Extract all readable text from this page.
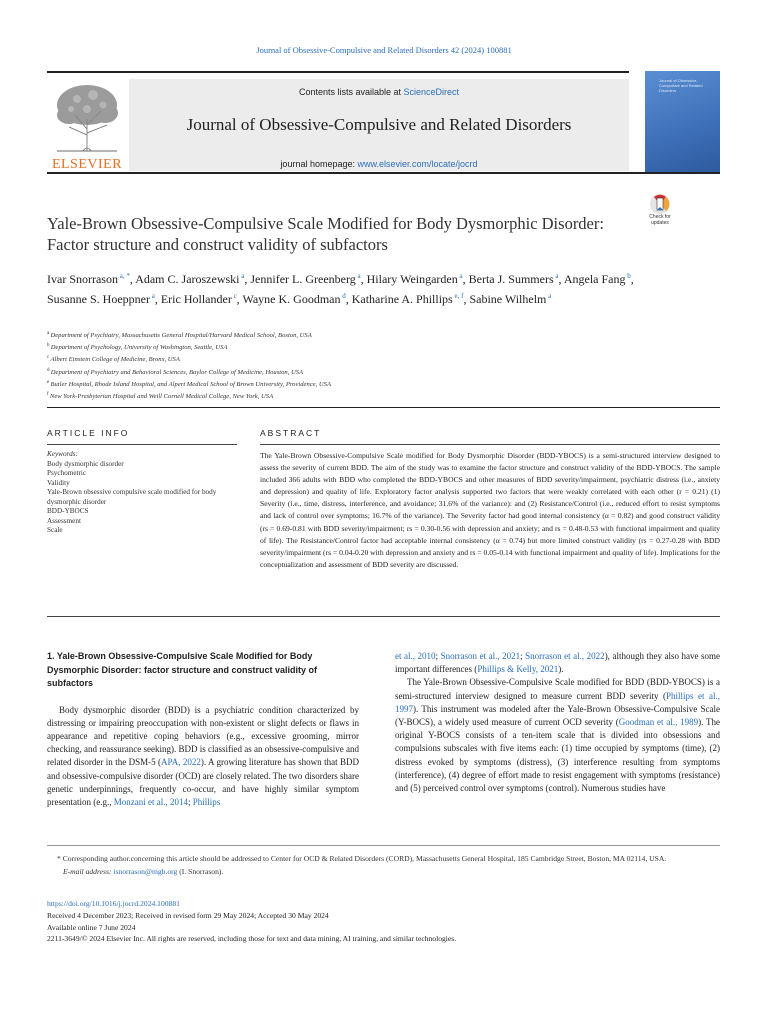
Journal of Obsessive-Compulsive and Related Disorders 42 (2024) 100881
ELSEVIER
Contents lists available at ScienceDirect
Journal of Obsessive-Compulsive and Related Disorders
journal homepage: www.elsevier.com/locate/jocrd
Journal of Obsessive-Compulsive and Related Disorders
Check for updates
Yale-Brown Obsessive-Compulsive Scale Modified for Body Dysmorphic Disorder: Factor structure and construct validity of subfactors
Ivar Snorrason $^{a, *}$, Adam C. Jaroszewski $^a$, Jennifer L. Greenberg $^a$, Hilary Weingarden $^a$, Berta J. Summers $^a$, Angela Fang $^b$, Susanne S. Hoeppner $^a$, Eric Hollander $^c$, Wayne K. Goodman $^d$, Katharine A. Phillips $^{e, f}$, Sabine Wilhelm $^a$
$^a$ Department of Psychiatry, Massachusetts General Hospital/Harvard Medical School, Boston, USA
$^b$ Department of Psychology, University of Washington, Seattle, USA
$^c$ Albert Einstein College of Medicine, Bronx, USA
$^d$ Department of Psychiatry and Behavioral Sciences, Baylor College of Medicine, Houston, USA
$^e$ Butler Hospital, Rhode Island Hospital, and Alpert Medical School of Brown University, Providence, USA
$^f$ New York-Presbyterian Hospital and Weill Cornell Medical College, New York, USA
ARTICLE INFO	ABSTRACT
Keywords:
Body dysmorphic disorder
Psychometric
Validity
Yale-Brown obsessive compulsive scale modified for body dysmorphic disorder
BDD-YBOCS
Assessment
Scale
The Yale-Brown Obsessive-Compulsive Scale modified for Body Dysmorphic Disorder (BDD-YBOCS) is a semi-structured interview designed to assess the severity of current BDD. The aim of the study was to examine the factor structure and construct validity of the BDD-YBOCS. The sample included 366 adults with BDD who completed the BDD-YBOCS and other measures of BDD severity/impairment, psychiatric distress (i.e., anxiety and depression) and quality of life. Exploratory factor analysis supported two factors that were weakly correlated with each other (r = 0.21) (1) Severity (i.e., time, distress, interference, and avoidance; 31.6% of the variance): and (2) Resistance/Control (i.e., reduced effort to resist symptoms and lack of control over symptoms; 16.7% of the variance). The Severity factor had good internal consistency (α = 0.82) and good construct validity (rs = 0.69-0.81 with BDD severity/impairment; rs = 0.30-0.56 with depression and anxiety; and rs = 0.48-0.53 with functional impairment and quality of life). The Resistance/Control factor had acceptable internal consistency (α = 0.74) but more limited construct validity (rs = 0.27-0.28 with BDD severity/impairment (rs = 0.04-0.20 with depression and anxiety and rs = 0.05-0.14 with functional impairment and quality of life). Implications for the conceptualization and assessment of BDD severity are discussed.
1. Yale-Brown Obsessive-Compulsive Scale Modified for Body Dysmorphic Disorder: factor structure and construct validity of subfactors

Body dysmorphic disorder (BDD) is a psychiatric condition characterized by distressing or impairing preoccupation with non-existent or slight defects or flaws in appearance and repetitive coping behaviors (e.g., excessive grooming, mirror checking, and reassurance seeking). BDD is classified as an obsessive-compulsive and related disorder in the DSM-5 (APA, 2022). A growing literature has shown that BDD and obsessive-compulsive disorder (OCD) are closely related. The two disorders share genetic underpinnings, frequently co-occur, and have highly similar symptom presentation (e.g., Monzani et al., 2014; Phillips

et al., 2010; Snorrason et al., 2021; Snorrason et al., 2022), although they also have some important differences (Phillips & Kelly, 2021).

The Yale-Brown Obsessive-Compulsive Scale modified for BDD (BDD-YBOCS) is a semi-structured interview designed to measure current BDD severity (Phillips et al., 1997). This instrument was modeled after the Yale-Brown Obsessive-Compulsive Scale (Y-BOCS), a widely used measure of current OCD severity (Goodman et al., 1989). The original Y-BOCS consists of a ten-item scale that is divided into obsessions and compulsions subscales with five items each: (1) time occupied by symptoms (time), (2) distress evoked by symptoms (distress), (3) interference resulting from symptoms (interference), (4) degree of effort made to resist engagement with symptoms (resistance) and (5) perceived control over symptoms (control). Numerous studies have

* Corresponding author.concerning this article should be addressed to Center for OCD & Related Disorders (CORD), Massachusetts General Hospital, 185 Cambridge Street, Boston, MA 02114, USA.
E-mail address: isnorrason@mgb.org (I. Snorrason).
https://doi.org/10.1016/j.jocrd.2024.100881
Received 4 December 2023; Received in revised form 29 May 2024; Accepted 30 May 2024
Available online 7 June 2024
2211-3649/© 2024 Elsevier Inc. All rights are reserved, including those for text and data mining, AI training, and similar technologies.
